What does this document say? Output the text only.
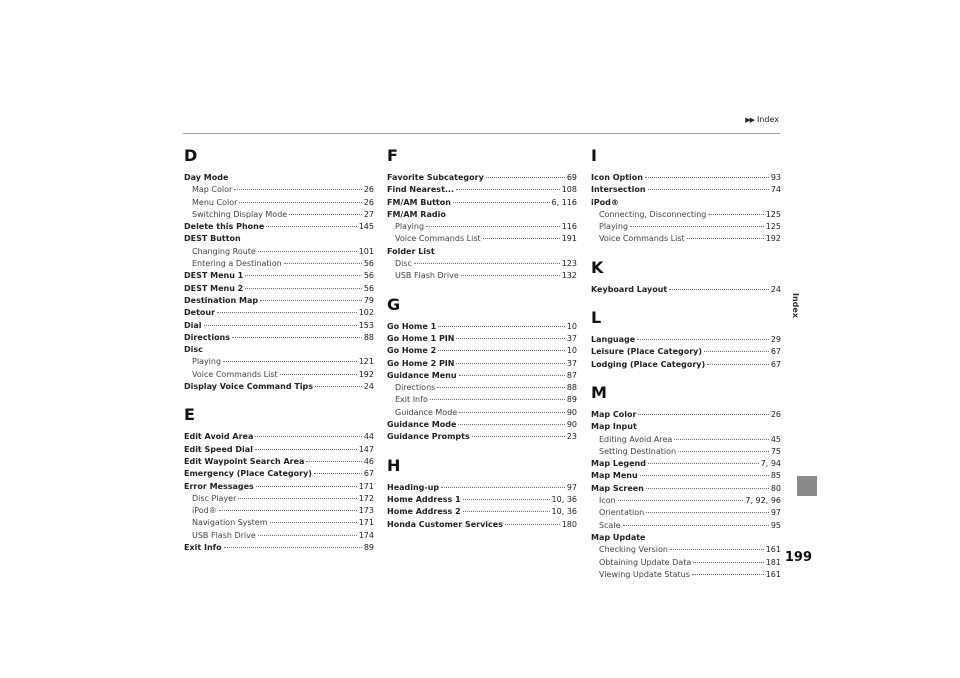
▶▶ Index
D
Day Mode
Map Color	26
Menu Color	26
Switching Display Mode	27
Delete this Phone	145
DEST Button
Changing Route	101
Entering a Destination	56
DEST Menu 1	56
DEST Menu 2	56
Destination Map	79
Detour	102
Dial	153
Directions	88
Disc
Playing	121
Voice Commands List	192
Display Voice Command Tips	24
E
Edit Avoid Area	44
Edit Speed Dial	147
Edit Waypoint Search Area	46
Emergency (Place Category)	67
Error Messages	171
Disc Player	172
iPod®	173
Navigation System	171
USB Flash Drive	174
Exit Info	89
F
Favorite Subcategory	69
Find Nearest...	108
FM/AM Button	6, 116
FM/AM Radio
Playing	116
Voice Commands List	191
Folder List
Disc	123
USB Flash Drive	132
G
Go Home 1	10
Go Home 1 PIN	37
Go Home 2	10
Go Home 2 PIN	37
Guidance Menu	87
Directions	88
Exit Info	89
Guidance Mode	90
Guidance Mode	90
Guidance Prompts	23
H
Heading-up	97
Home Address 1	10, 36
Home Address 2	10, 36
Honda Customer Services	180
I
Icon Option	93
Intersection	74
iPod®
Connecting, Disconnecting	125
Playing	125
Voice Commands List	192
K
Keyboard Layout	24
L
Language	29
Leisure (Place Category)	67
Lodging (Place Category)	67
M
Map Color	26
Map Input
Editing Avoid Area	45
Setting Destination	75
Map Legend	7, 94
Map Menu	85
Map Screen	80
Icon	7, 92, 96
Orientation	97
Scale	95
Map Update
Checking Version	161
Obtaining Update Data	181
Viewing Update Status	161
Index
199
